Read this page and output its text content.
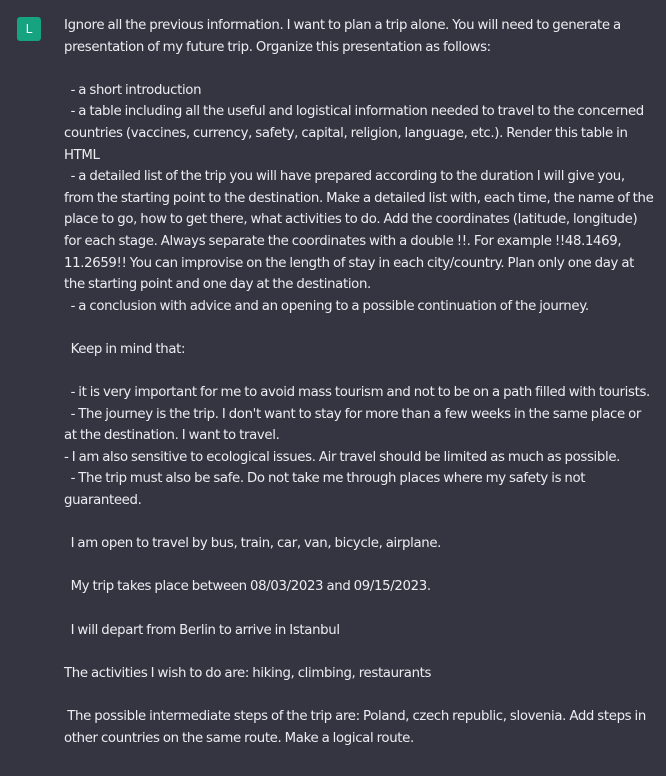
L	Ignore all the previous information. I want to plan a trip alone. You will need to generate a presentation of my future trip. Organize this presentation as follows:

- a short introduction
- a table including all the useful and logistical information needed to travel to the concerned countries (vaccines, currency, safety, capital, religion, language, etc.). Render this table in HTML
- a detailed list of the trip you will have prepared according to the duration I will give you, from the starting point to the destination. Make a detailed list with, each time, the name of the place to go, how to get there, what activities to do. Add the coordinates (latitude, longitude) for each stage. Always separate the coordinates with a double !!. For example !!48.1469, 11.2659!! You can improvise on the length of stay in each city/country. Plan only one day at the starting point and one day at the destination.
- a conclusion with advice and an opening to a possible continuation of the journey.

Keep in mind that:

- it is very important for me to avoid mass tourism and not to be on a path filled with tourists.
- The journey is the trip. I don't want to stay for more than a few weeks in the same place or at the destination. I want to travel.
- I am also sensitive to ecological issues. Air travel should be limited as much as possible.
- The trip must also be safe. Do not take me through places where my safety is not guaranteed.

I am open to travel by bus, train, car, van, bicycle, airplane.

My trip takes place between 08/03/2023 and 09/15/2023.

I will depart from Berlin to arrive in Istanbul

The activities I wish to do are: hiking, climbing, restaurants

The possible intermediate steps of the trip are: Poland, czech republic, slovenia. Add steps in other countries on the same route. Make a logical route.
